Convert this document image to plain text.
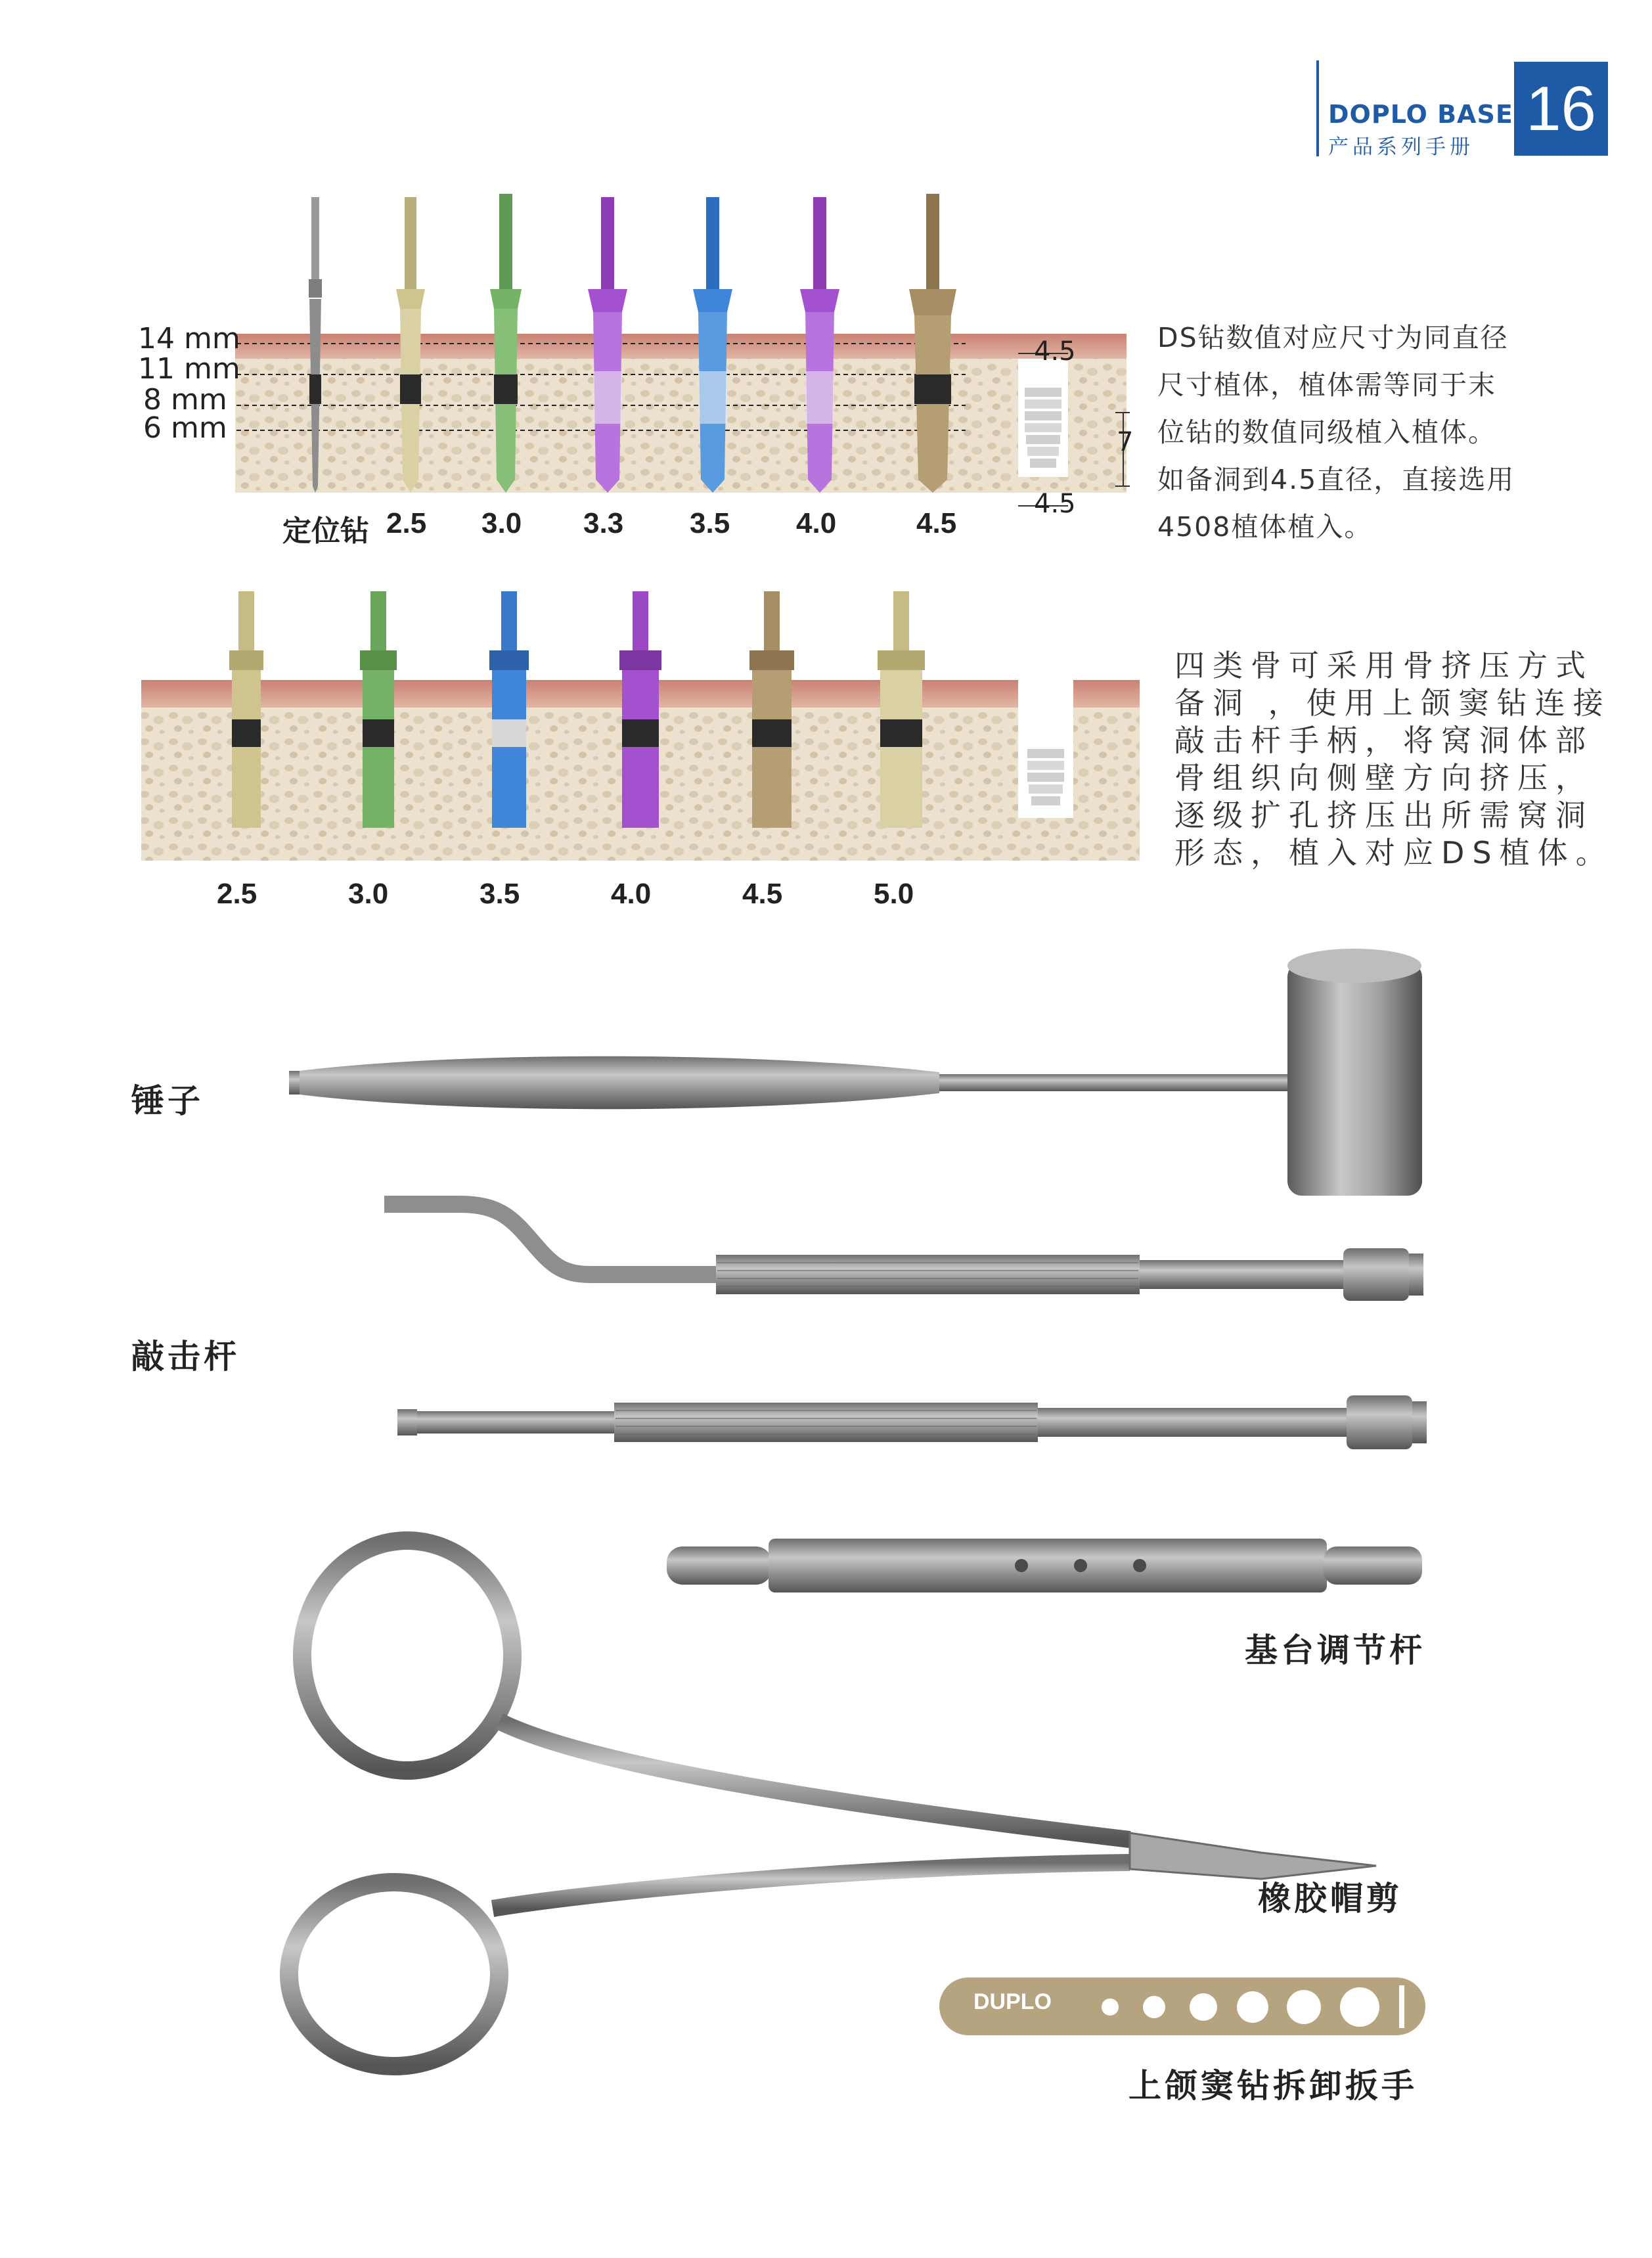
DOPLO BASE
产品系列手册
16
14 mm
11 mm
8 mm
6 mm
4.5
7
4.5
定位钻 2.5 3.0 3.3 3.5 4.0	4.5
DS钻数值对应尺寸为同直径
尺寸植体，植体需等同于末
位钻的数值同级植入植体。
如备洞到4.5直径，直接选用
4508植体植入。
2.5	3.0	3.5	4.0	4.5	5.0
四类骨可采用骨挤压方式
备洞 ，使用上颌窦钻连接
敲击杆手柄，将窝洞体部
骨组织向侧壁方向挤压，
逐级扩孔挤压出所需窝洞
形态，植入对应DS植体。
DUPLO
锤子
敲击杆
基台调节杆
橡胶帽剪
上颌窦钻拆卸扳手
